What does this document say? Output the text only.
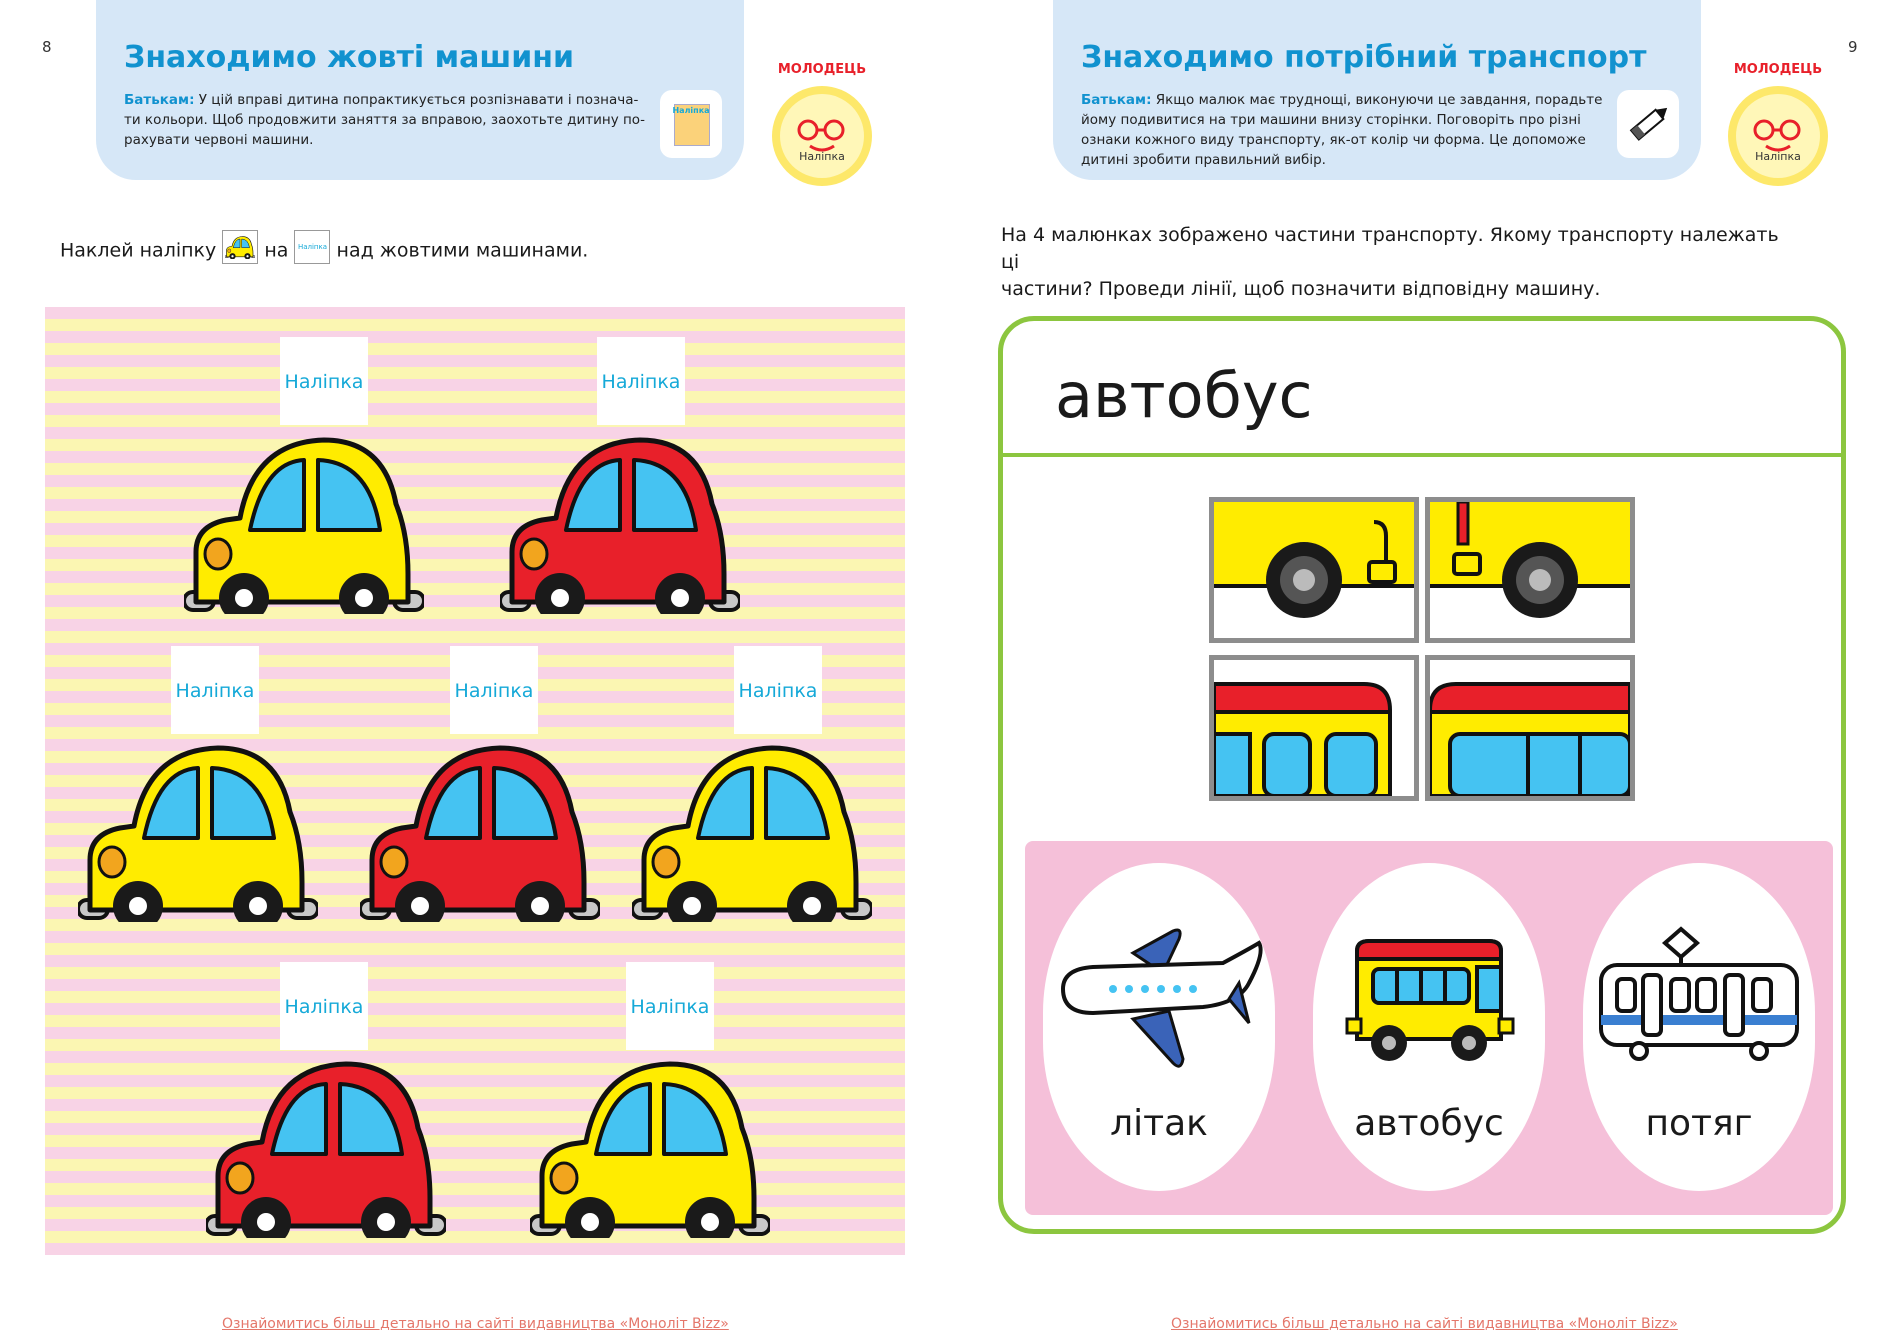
8 Знаходимо жовті машини
Батькам: У цій вправі дитина попрактикується розпізнавати і познача-
ти кольори. Щоб продовжити заняття за вправою, заохотьте дитину по-
рахувати червоні машини.
Наліпка
МОЛОДЕЦЬ
Наліпка
Наклей наліпку	на Наліпка над жовтими машинами.
Наліпка	Наліпка
Наліпка	Наліпка	Наліпка
Наліпка	Наліпка
Ознайомитись більш детально на сайті видавництва «Моноліт Bizz»
9
Знаходимо потрібний транспорт
Батькам: Якщо малюк має труднощі, виконуючи це завдання, порадьте
йому подивитися на три машини внизу сторінки. Поговоріть про різні
ознаки кожного виду транспорту, як-от колір чи форма. Це допоможе
дитині зробити правильний вибір.
МОЛОДЕЦЬ
Наліпка
На 4 малюнках зображено частини транспорту. Якому транспорту належать ці
частини? Проведи лінії, щоб позначити відповідну машину.
автобус
літак	автобус	потяг
Ознайомитись більш детально на сайті видавництва «Моноліт Bizz»
